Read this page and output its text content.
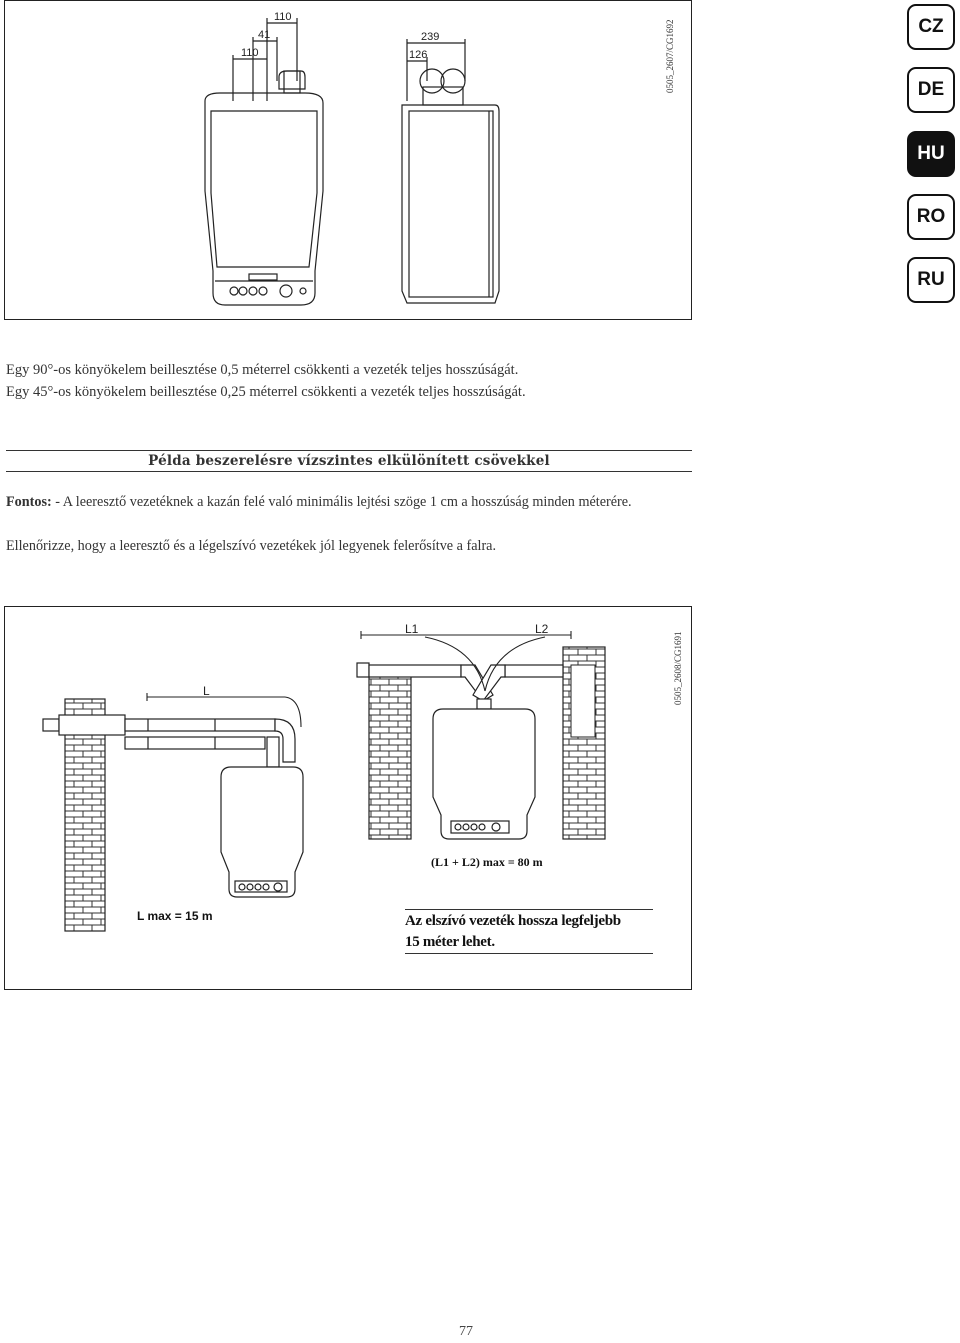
CZ
DE
HU
RO
RU
110
41
110
239
126	0505_2607/CG1692
Egy 90°-os könyökelem beillesztése 0,5 méterrel csökkenti a vezeték teljes hosszúságát.
Egy 45°-os könyökelem beillesztése 0,25 méterrel csökkenti a vezeték teljes hosszúságát.
Példa beszerelésre vízszintes elkülönített csövekkel
Fontos: - A leeresztő vezetéknek a kazán felé való minimális lejtési szöge 1 cm a hosszúság minden méterére.
Ellenőrizze, hogy a leeresztő és a légelszívó vezetékek jól legyenek felerősítve a falra.
L
L1	L2
0505_2608/CG1691
(L1 + L2) max = 80 m
L max = 15 m	Az elszívó vezeték hossza legfeljebb
15 méter lehet.
77
